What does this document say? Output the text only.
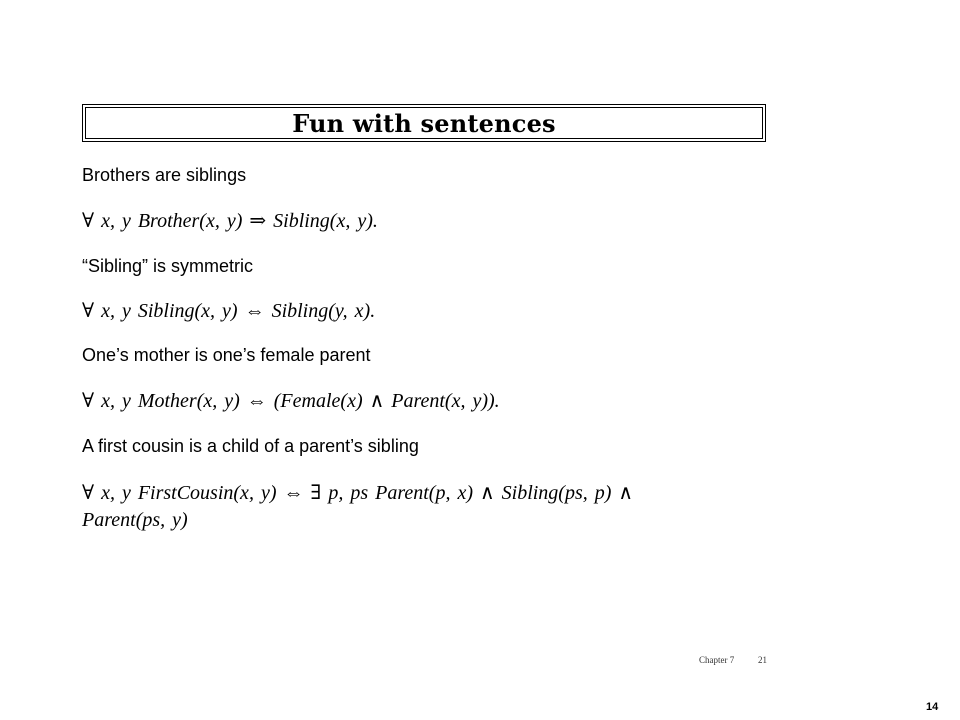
Fun with sentences
Brothers are siblings
∀ x, y Brother(x, y) ⇒ Sibling(x, y).
“Sibling” is symmetric
∀ x, y Sibling(x, y) ⇔ Sibling(y, x).
One’s mother is one’s female parent
∀ x, y Mother(x, y) ⇔ (Female(x) ∧ Parent(x, y)).
A first cousin is a child of a parent’s sibling
∀ x, y FirstCousin(x, y) ⇔ ∃ p, ps Parent(p, x) ∧ Sibling(ps, p) ∧
Parent(ps, y)
Chapter 7	21
14
